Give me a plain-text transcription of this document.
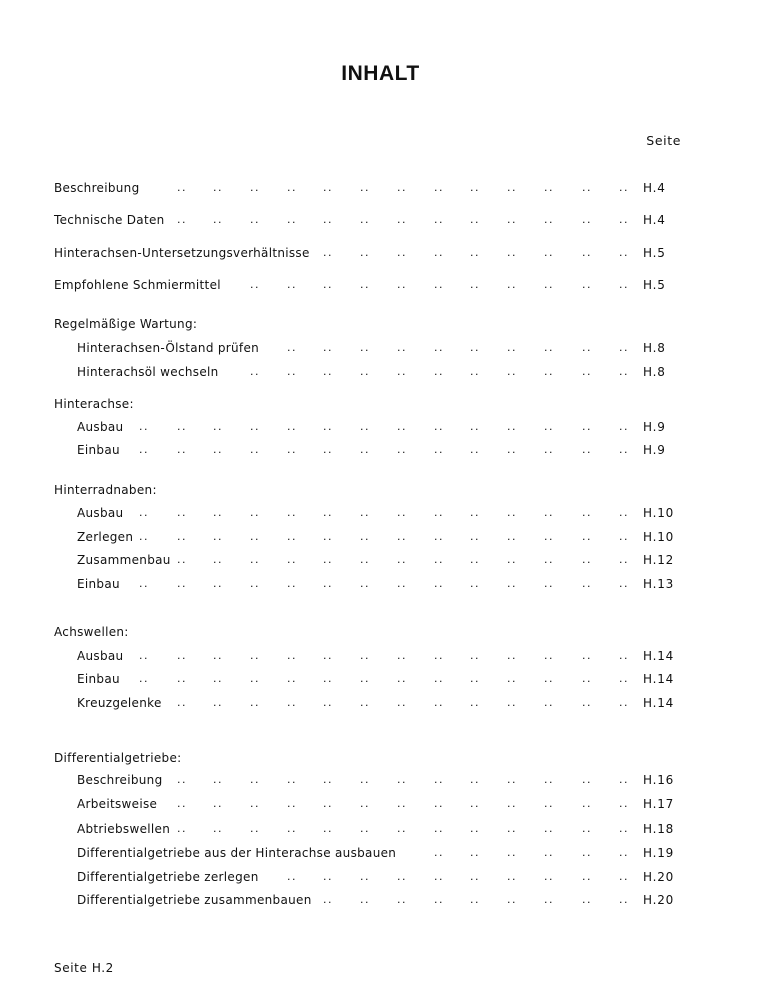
INHALT
Seite
Beschreibung	.. .. .. .. .. .. .. .. .. .. ..	.. .. H.4
Technische Daten .. .. .. .. .. .. .. .. .. .. ..	.. .. H.4
Hinterachsen-Untersetzungsverhältnisse .. .. .. .. .. .. ..	.. .. H.5
Empfohlene Schmiermittel	.. .. .. .. .. .. .. .. ..	.. .. H.5
Regelmäßige Wartung:
Hinterachsen-Ölstand prüfen	.. .. .. .. .. .. .. ..	.. .. H.8
Hinterachsöl wechseln	.. .. .. .. .. .. .. .. ..	.. .. H.8
Hinterachse:
Ausbau ..	.. .. .. .. .. .. .. .. .. .. ..	.. .. H.9
Einbau ..	.. .. .. .. .. .. .. .. .. .. ..	.. .. H.9
Hinterradnaben:
Ausbau ..	.. .. .. .. .. .. .. .. .. .. ..	.. .. H.10
Zerlegen ..	.. .. .. .. .. .. .. .. .. .. ..	.. .. H.10
Zusammenbau .. .. .. .. .. .. .. .. .. .. ..	.. .. H.12
Einbau ..	.. .. .. .. .. .. .. .. .. .. ..	.. .. H.13
Achswellen:
Ausbau ..	.. .. .. .. .. .. .. .. .. .. ..	.. .. H.14
Einbau ..	.. .. .. .. .. .. .. .. .. .. ..	.. .. H.14
Kreuzgelenke .. .. .. .. .. .. .. .. .. .. ..	.. .. H.14
Differentialgetriebe:
Beschreibung .. .. .. .. .. .. .. .. .. .. ..	.. .. H.16
Arbeitsweise .. .. .. .. .. .. .. .. .. .. ..	.. .. H.17
Abtriebswellen .. .. .. .. .. .. .. .. .. .. ..	.. .. H.18
Differentialgetriebe aus der Hinterachse ausbauen	.. .. .. ..	.. .. H.19
Differentialgetriebe zerlegen	.. .. .. .. .. .. .. ..	.. .. H.20
Differentialgetriebe zusammenbauen .. .. .. .. .. .. ..	.. .. H.20
Seite H.2
